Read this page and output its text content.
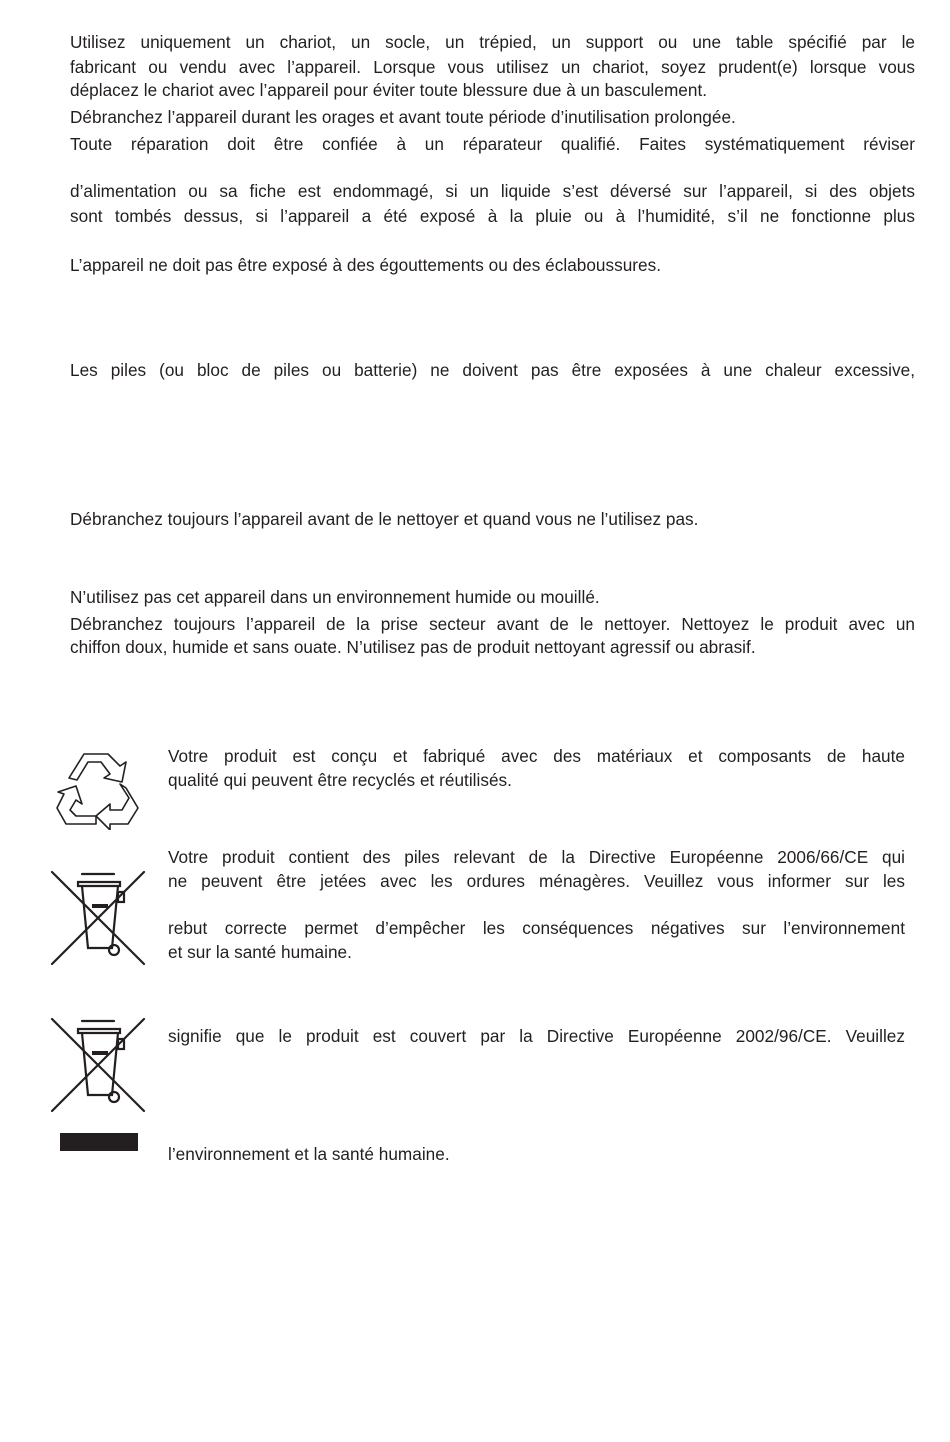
Utilisez uniquement un chariot, un socle, un trépied, un support ou une table spécifié par le
fabricant ou vendu avec l’appareil. Lorsque vous utilisez un chariot, soyez prudent(e) lorsque vous
déplacez le chariot avec l’appareil pour éviter toute blessure due à un basculement.
Débranchez l’appareil durant les orages et avant toute période d’inutilisation prolongée.
Toute réparation doit être confiée à un réparateur qualifié. Faites systématiquement réviser
d’alimentation ou sa fiche est endommagé, si un liquide s’est déversé sur l’appareil, si des objets
sont tombés dessus, si l’appareil a été exposé à la pluie ou à l’humidité, s’il ne fonctionne plus
L’appareil ne doit pas être exposé à des égouttements ou des éclaboussures.
Les piles (ou bloc de piles ou batterie) ne doivent pas être exposées à une chaleur excessive,
Débranchez toujours l’appareil avant de le nettoyer et quand vous ne l’utilisez pas.
N’utilisez pas cet appareil dans un environnement humide ou mouillé.
Débranchez toujours l’appareil de la prise secteur avant de le nettoyer. Nettoyez le produit avec un
chiffon doux, humide et sans ouate. N’utilisez pas de produit nettoyant agressif ou abrasif.
Votre produit est conçu et fabriqué avec des matériaux et composants de haute
qualité qui peuvent être recyclés et réutilisés.
Votre produit contient des piles relevant de la Directive Européenne 2006/66/CE qui
ne peuvent être jetées avec les ordures ménagères. Veuillez vous informer sur les
rebut correcte permet d’empêcher les conséquences négatives sur l’environnement
et sur la santé humaine.
signifie que le produit est couvert par la Directive Européenne 2002/96/CE. Veuillez
l’environnement et la santé humaine.
